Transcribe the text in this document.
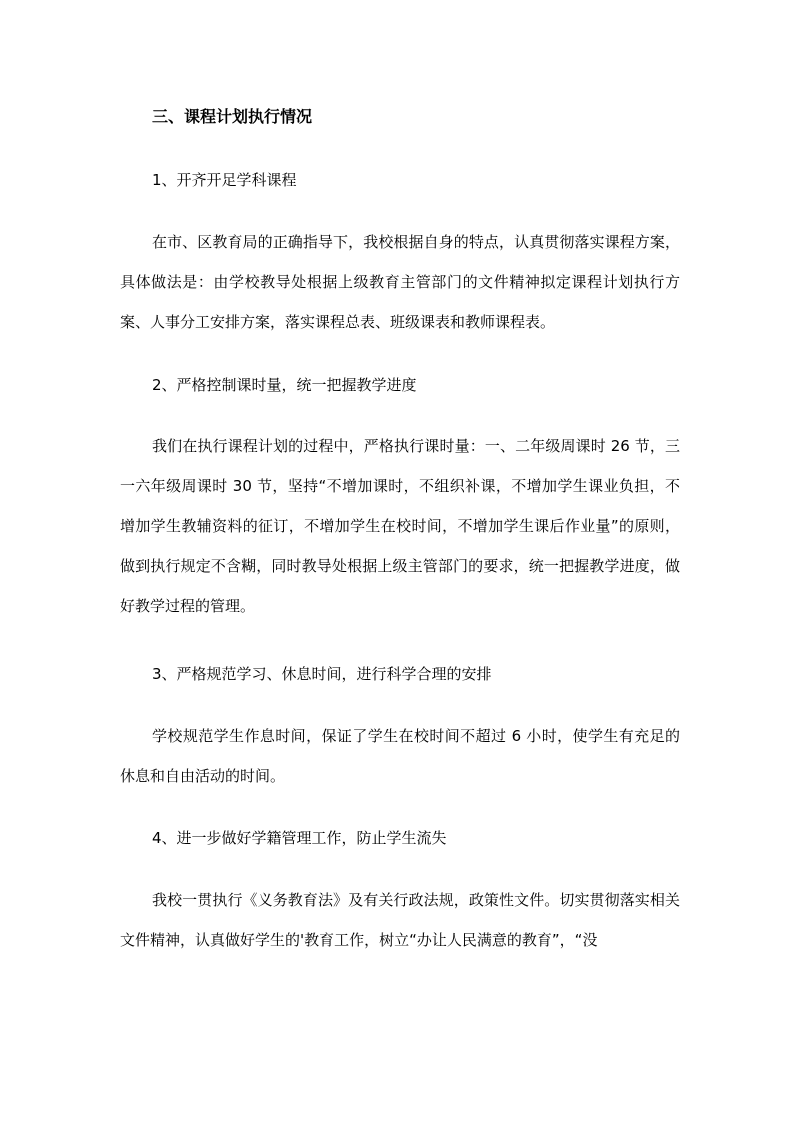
三、课程计划执行情况
1、开齐开足学科课程

在市、区教育局的正确指导下，我校根据自身的特点，认真贯彻落实课程方案，具体做法是：由学校教导处根据上级教育主管部门的文件精神拟定课程计划执行方案、人事分工安排方案，落实课程总表、班级课表和教师课程表。

2、严格控制课时量，统一把握教学进度

我们在执行课程计划的过程中，严格执行课时量：一、二年级周课时 26 节，三一六年级周课时 30 节，坚持“不增加课时，不组织补课，不增加学生课业负担，不增加学生教辅资料的征订，不增加学生在校时间，不增加学生课后作业量”的原则，做到执行规定不含糊，同时教导处根据上级主管部门的要求，统一把握教学进度，做好教学过程的管理。

3、严格规范学习、休息时间，进行科学合理的安排

学校规范学生作息时间，保证了学生在校时间不超过 6 小时，使学生有充足的休息和自由活动的时间。

4、进一步做好学籍管理工作，防止学生流失

我校一贯执行《义务教育法》及有关行政法规，政策性文件。切实贯彻落实相关文件精神，认真做好学生的'教育工作，树立“办让人民满意的教育”，“没
